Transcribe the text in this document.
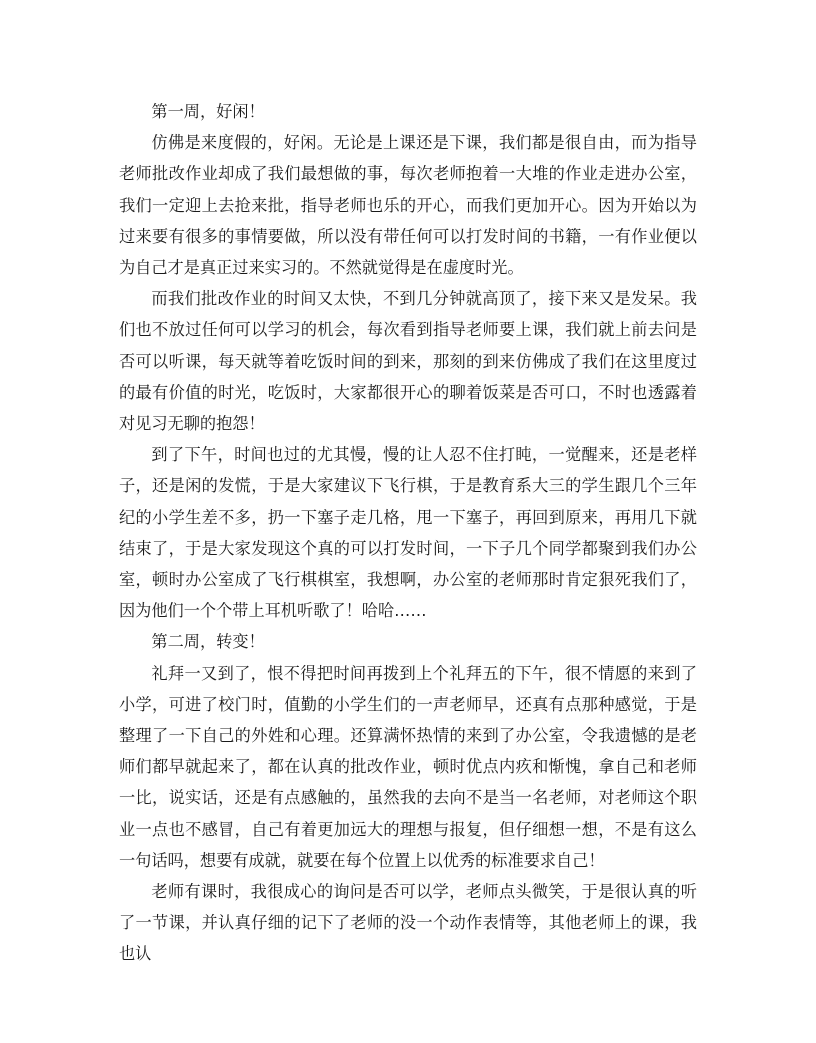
第一周，好闲！

仿佛是来度假的，好闲。无论是上课还是下课，我们都是很自由，而为指导老师批改作业却成了我们最想做的事，每次老师抱着一大堆的作业走进办公室，我们一定迎上去抢来批，指导老师也乐的开心，而我们更加开心。因为开始以为过来要有很多的事情要做，所以没有带任何可以打发时间的书籍，一有作业便以为自己才是真正过来实习的。不然就觉得是在虚度时光。

而我们批改作业的时间又太快，不到几分钟就高顶了，接下来又是发呆。我们也不放过任何可以学习的机会，每次看到指导老师要上课，我们就上前去问是否可以听课，每天就等着吃饭时间的到来，那刻的到来仿佛成了我们在这里度过的最有价值的时光，吃饭时，大家都很开心的聊着饭菜是否可口，不时也透露着对见习无聊的抱怨！

到了下午，时间也过的尤其慢，慢的让人忍不住打盹，一觉醒来，还是老样子，还是闲的发慌，于是大家建议下飞行棋，于是教育系大三的学生跟几个三年纪的小学生差不多，扔一下塞子走几格，甩一下塞子，再回到原来，再用几下就结束了，于是大家发现这个真的可以打发时间，一下子几个同学都聚到我们办公室，顿时办公室成了飞行棋棋室，我想啊，办公室的老师那时肯定狠死我们了，因为他们一个个带上耳机听歌了！哈哈……

第二周，转变！

礼拜一又到了，恨不得把时间再拨到上个礼拜五的下午，很不情愿的来到了小学，可进了校门时，值勤的小学生们的一声老师早，还真有点那种感觉，于是整理了一下自己的外姓和心理。还算满怀热情的来到了办公室，令我遗憾的是老师们都早就起来了，都在认真的批改作业，顿时优点内疚和惭愧，拿自己和老师一比，说实话，还是有点感触的，虽然我的去向不是当一名老师，对老师这个职业一点也不感冒，自己有着更加远大的理想与报复，但仔细想一想，不是有这么一句话吗，想要有成就，就要在每个位置上以优秀的标准要求自己！

老师有课时，我很成心的询问是否可以学，老师点头微笑，于是很认真的听了一节课，并认真仔细的记下了老师的没一个动作表情等，其他老师上的课，我也认
